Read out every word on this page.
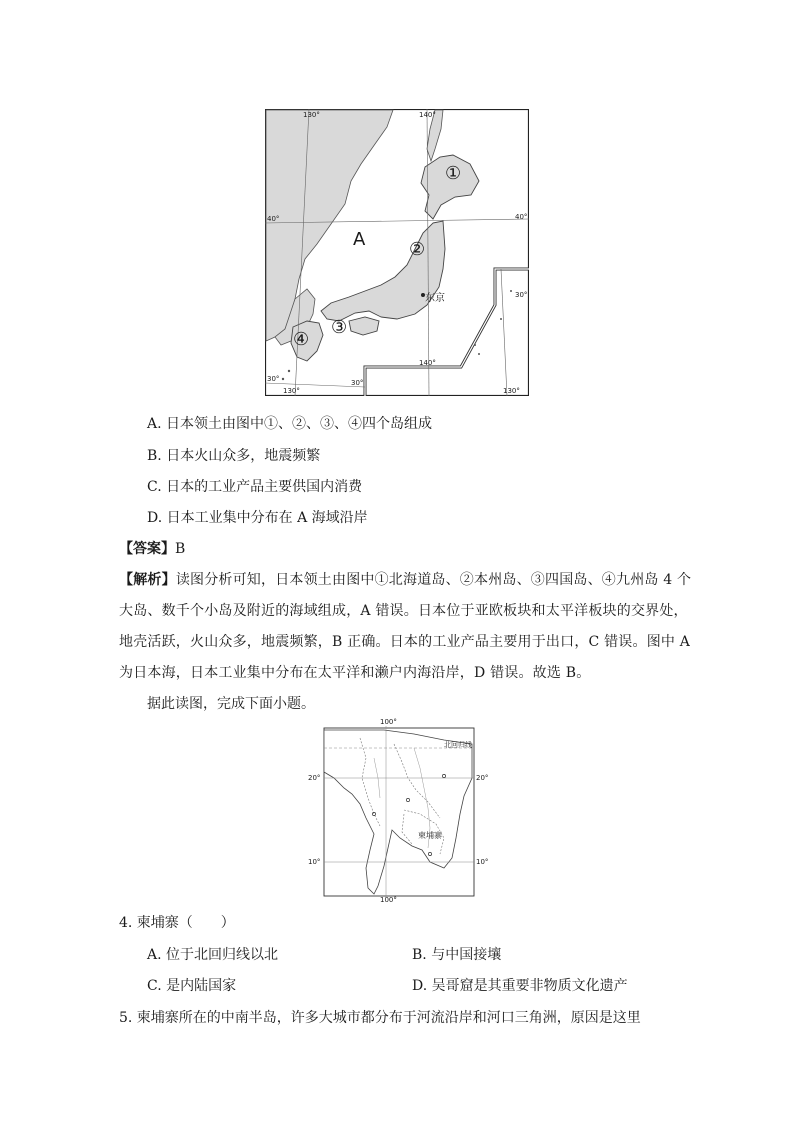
130°	140°
40°	40°
30°
30°	30°
130°
140°
130°
A
①
②
③
④
东京
A. 日本领土由图中①、②、③、④四个岛组成
B. 日本火山众多，地震频繁
C. 日本的工业产品主要供国内消费
D. 日本工业集中分布在 A 海域沿岸
【答案】B
【解析】读图分析可知，日本领土由图中①北海道岛、②本州岛、③四国岛、④九州岛 4 个
大岛、数千个小岛及附近的海域组成，A 错误。日本位于亚欧板块和太平洋板块的交界处，
地壳活跃，火山众多，地震频繁，B 正确。日本的工业产品主要用于出口，C 错误。图中 A
为日本海，日本工业集中分布在太平洋和濑户内海沿岸，D 错误。故选 B。
据此读图，完成下面小题。
100°
100°
北回归线
20°	20°
10°	10°
柬埔寨
4. 柬埔寨（　　）
A. 位于北回归线以北	B. 与中国接壤
C. 是内陆国家	D. 吴哥窟是其重要非物质文化遗产
5. 柬埔寨所在的中南半岛，许多大城市都分布于河流沿岸和河口三角洲，原因是这里
